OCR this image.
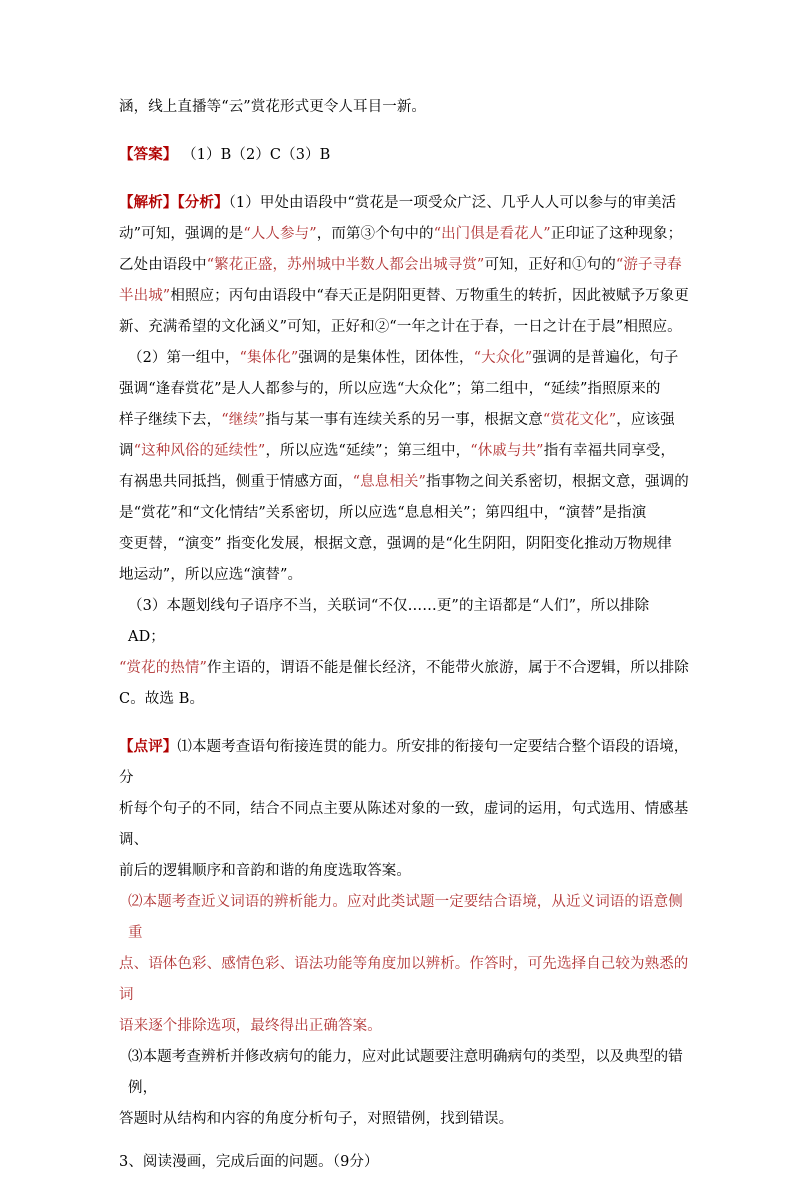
涵，线上直播等“云”赏花形式更令人耳目一新。

【答案】 （1）B（2）C（3）B

【解析】【分析】（1）甲处由语段中“赏花是一项受众广泛、几乎人人可以参与的审美活

动”可知，强调的是“人人参与”，而第③个句中的“出门俱是看花人”正印证了这种现象；

乙处由语段中“繁花正盛，苏州城中半数人都会出城寻赏”可知，正好和①句的“游子寻春

半出城”相照应；丙句由语段中“春天正是阴阳更替、万物重生的转折，因此被赋予万象更

新、充满希望的文化涵义”可知，正好和②“一年之计在于春，一日之计在于晨”相照应。

（2）第一组中，“集体化”强调的是集体性，团体性，“大众化”强调的是普遍化，句子

强调“逢春赏花”是人人都参与的，所以应选“大众化”；第二组中，“延续”指照原来的

样子继续下去，“继续”指与某一事有连续关系的另一事，根据文意“赏花文化”，应该强

调“这种风俗的延续性”，所以应选“延续”；第三组中，“休戚与共”指有幸福共同享受，

有祸患共同抵挡，侧重于情感方面，“息息相关”指事物之间关系密切，根据文意，强调的

是“赏花”和“文化情结”关系密切，所以应选“息息相关”；第四组中，“演替”是指演

变更替，“演变” 指变化发展，根据文意，强调的是“化生阴阳，阴阳变化推动万物规律

地运动”，所以应选“演替”。

（3）本题划线句子语序不当，关联词“不仅……更”的主语都是“人们”，所以排除 AD；

“赏花的热情”作主语的，谓语不能是催长经济，不能带火旅游，属于不合逻辑，所以排除

C。故选 B。

【点评】⑴本题考查语句衔接连贯的能力。所安排的衔接句一定要结合整个语段的语境，分

析每个句子的不同，结合不同点主要从陈述对象的一致，虚词的运用，句式选用、情感基调、

前后的逻辑顺序和音韵和谐的角度选取答案。

⑵本题考查近义词语的辨析能力。应对此类试题一定要结合语境，从近义词语的语意侧重

点、语体色彩、感情色彩、语法功能等角度加以辨析。作答时，可先选择自己较为熟悉的词

语来逐个排除选项，最终得出正确答案。

⑶本题考查辨析并修改病句的能力，应对此试题要注意明确病句的类型，以及典型的错例，

答题时从结构和内容的角度分析句子，对照错例，找到错误。

3、阅读漫画，完成后面的问题。（9分）
